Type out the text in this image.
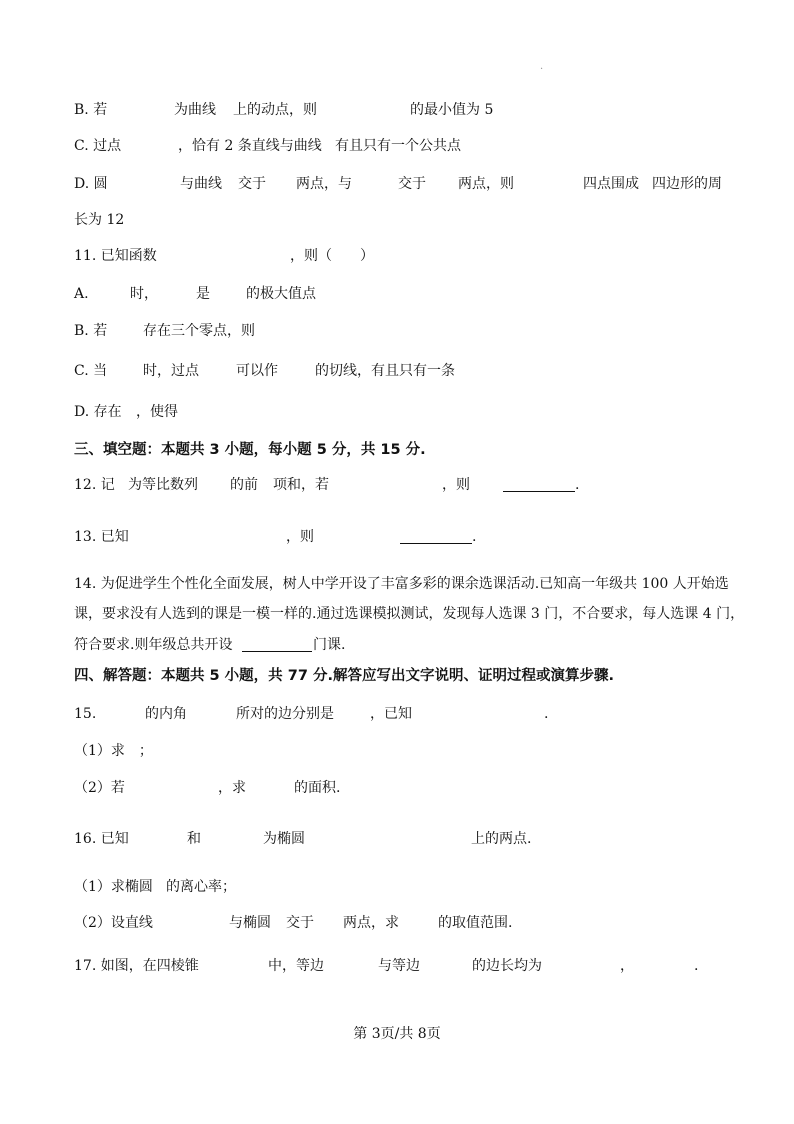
·
B. 若	为曲线 上的动点，则	的最小值为 5
C. 过点	，恰有 2 条直线与曲线 有且只有一个公共点
D. 圆	与曲线 交于 两点，与	交于 两点，则	四点围成 四边形的周
长为 12
11. 已知函数	，则（　　）
A.	时，	是	的极大值点
B. 若	存在三个零点，则
C. 当	时，过点	可以作	的切线，有且只有一条
D. 存在 ，使得
三、填空题：本题共 3 小题，每小题 5 分，共 15 分.
12. 记 为等比数列 的前 项和，若	，则	.
13. 已知	，则	.
14. 为促进学生个性化全面发展，树人中学开设了丰富多彩的课余选课活动.已知高一年级共 100 人开始选
课，要求没有人选到的课是一模一样的.通过选课模拟测试，发现每人选课 3 门，不合要求，每人选课 4 门，
符合要求.则年级总共开设	门课.
四、解答题：本题共 5 小题，共 77 分.解答应写出文字说明、证明过程或演算步骤.
15.	的内角	所对的边分别是	，已知	.
（1）求　；
（2）若	，求	的面积.
16. 已知	和	为椭圆	上的两点.
（1）求椭圆 的离心率；
（2）设直线	与椭圆 交于 两点，求	的取值范围.
17. 如图，在四棱锥	中，等边	与等边	的边长均为	，	.
第 3页/共 8页
